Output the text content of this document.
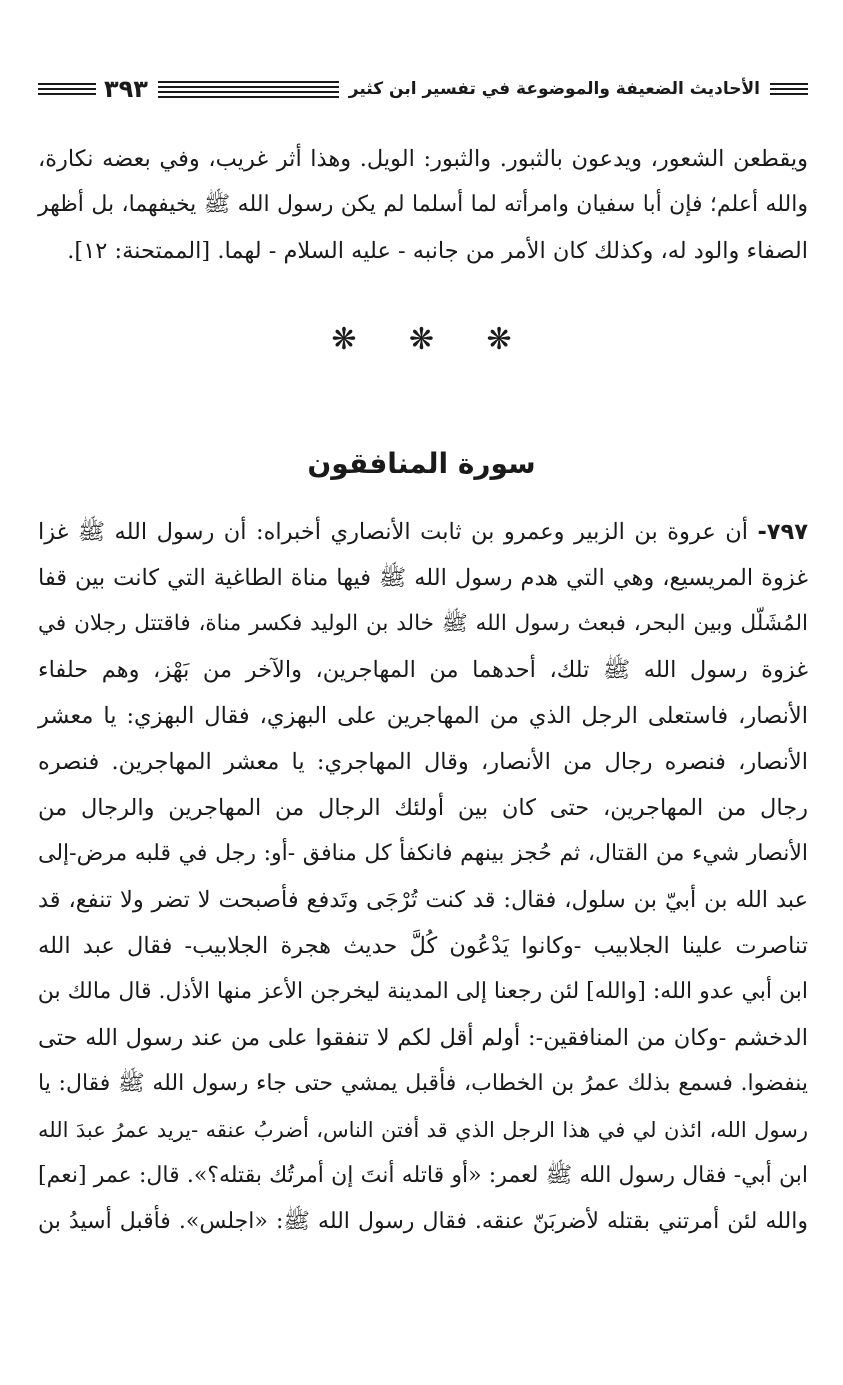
الأحاديث الضعيفة والموضوعة في تفسير ابن كثير
٣٩٣
ويقطعن الشعور، ويدعون بالثبور. والثبور: الويل. وهذا أثر غريب، وفي بعضه نكارة،
والله أعلم؛ فإن أبا سفيان وامرأته لما أسلما لم يكن رسول الله ﷺ يخيفهما، بل أظهر
الصفاء والود له، وكذلك كان الأمر من جانبه - عليه السلام - لهما. [الممتحنة: ١٢].
❋ ❋ ❋
سورة المنافقون
٧٩٧- أن عروة بن الزبير وعمرو بن ثابت الأنصاري أخبراه: أن رسول الله ﷺ غزا
غزوة المريسيع، وهي التي هدم رسول الله ﷺ فيها مناة الطاغية التي كانت بين قفا
المُشَلّل وبين البحر، فبعث رسول الله ﷺ خالد بن الوليد فكسر مناة، فاقتتل رجلان في
غزوة رسول الله ﷺ تلك، أحدهما من المهاجرين، والآخر من بَهْز، وهم حلفاء
الأنصار، فاستعلى الرجل الذي من المهاجرين على البهزي، فقال البهزي: يا معشر
الأنصار، فنصره رجال من الأنصار، وقال المهاجري: يا معشر المهاجرين. فنصره
رجال من المهاجرين، حتى كان بين أولئك الرجال من المهاجرين والرجال من
الأنصار شيء من القتال، ثم حُجز بينهم فانكفأ كل منافق -أو: رجل في قلبه مرض-إلى
عبد الله بن أبيّ بن سلول، فقال: قد كنت تُرْجَى وتَدفع فأصبحت لا تضر ولا تنفع، قد
تناصرت علينا الجلابيب -وكانوا يَدْعُون كُلَّ حديث هجرة الجلابيب- فقال عبد الله
ابن أبي عدو الله: [والله] لئن رجعنا إلى المدينة ليخرجن الأعز منها الأذل. قال مالك بن
الدخشم -وكان من المنافقين-: أولم أقل لكم لا تنفقوا على من عند رسول الله حتى
ينفضوا. فسمع بذلك عمرُ بن الخطاب، فأقبل يمشي حتى جاء رسول الله ﷺ فقال: يا
رسول الله، ائذن لي في هذا الرجل الذي قد أفتن الناس، أضربُ عنقه -يريد عمرُ عبدَ الله
ابن أبي- فقال رسول الله ﷺ لعمر: «أو قاتله أنتَ إن أمرتُك بقتله؟». قال: عمر [نعم]
والله لئن أمرتني بقتله لأضربَنّ عنقه. فقال رسول الله ﷺ: «اجلس». فأقبل أسيدُ بن
